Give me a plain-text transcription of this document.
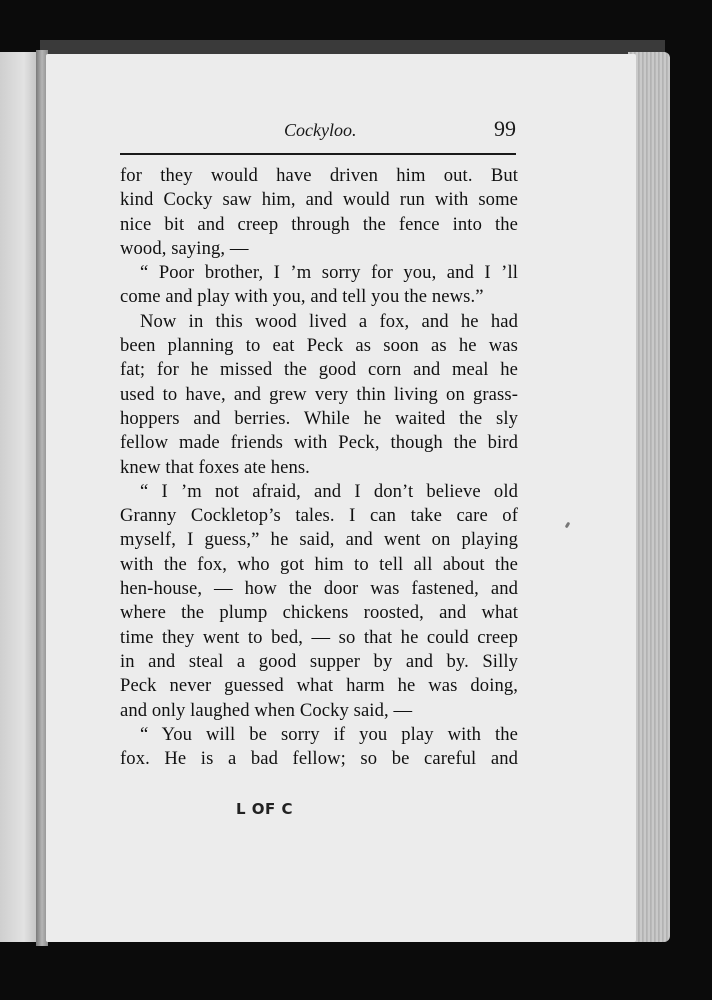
Cockyloo.	99
for they would have driven him out. But
kind Cocky saw him, and would run with some
nice bit and creep through the fence into the
wood, saying, —
“ Poor brother, I ’m sorry for you, and I ’ll
come and play with you, and tell you the news.”
Now in this wood lived a fox, and he had
been planning to eat Peck as soon as he was
fat; for he missed the good corn and meal he
used to have, and grew very thin living on grass-
hoppers and berries. While he waited the sly
fellow made friends with Peck, though the bird
knew that foxes ate hens.
“ I ’m not afraid, and I don’t believe old
Granny Cockletop’s tales. I can take care of
myself, I guess,” he said, and went on playing
with the fox, who got him to tell all about the
hen-house, — how the door was fastened, and
where the plump chickens roosted, and what
time they went to bed, — so that he could creep
in and steal a good supper by and by. Silly
Peck never guessed what harm he was doing,
and only laughed when Cocky said, —
“ You will be sorry if you play with the
fox. He is a bad fellow; so be careful and
L OF C
